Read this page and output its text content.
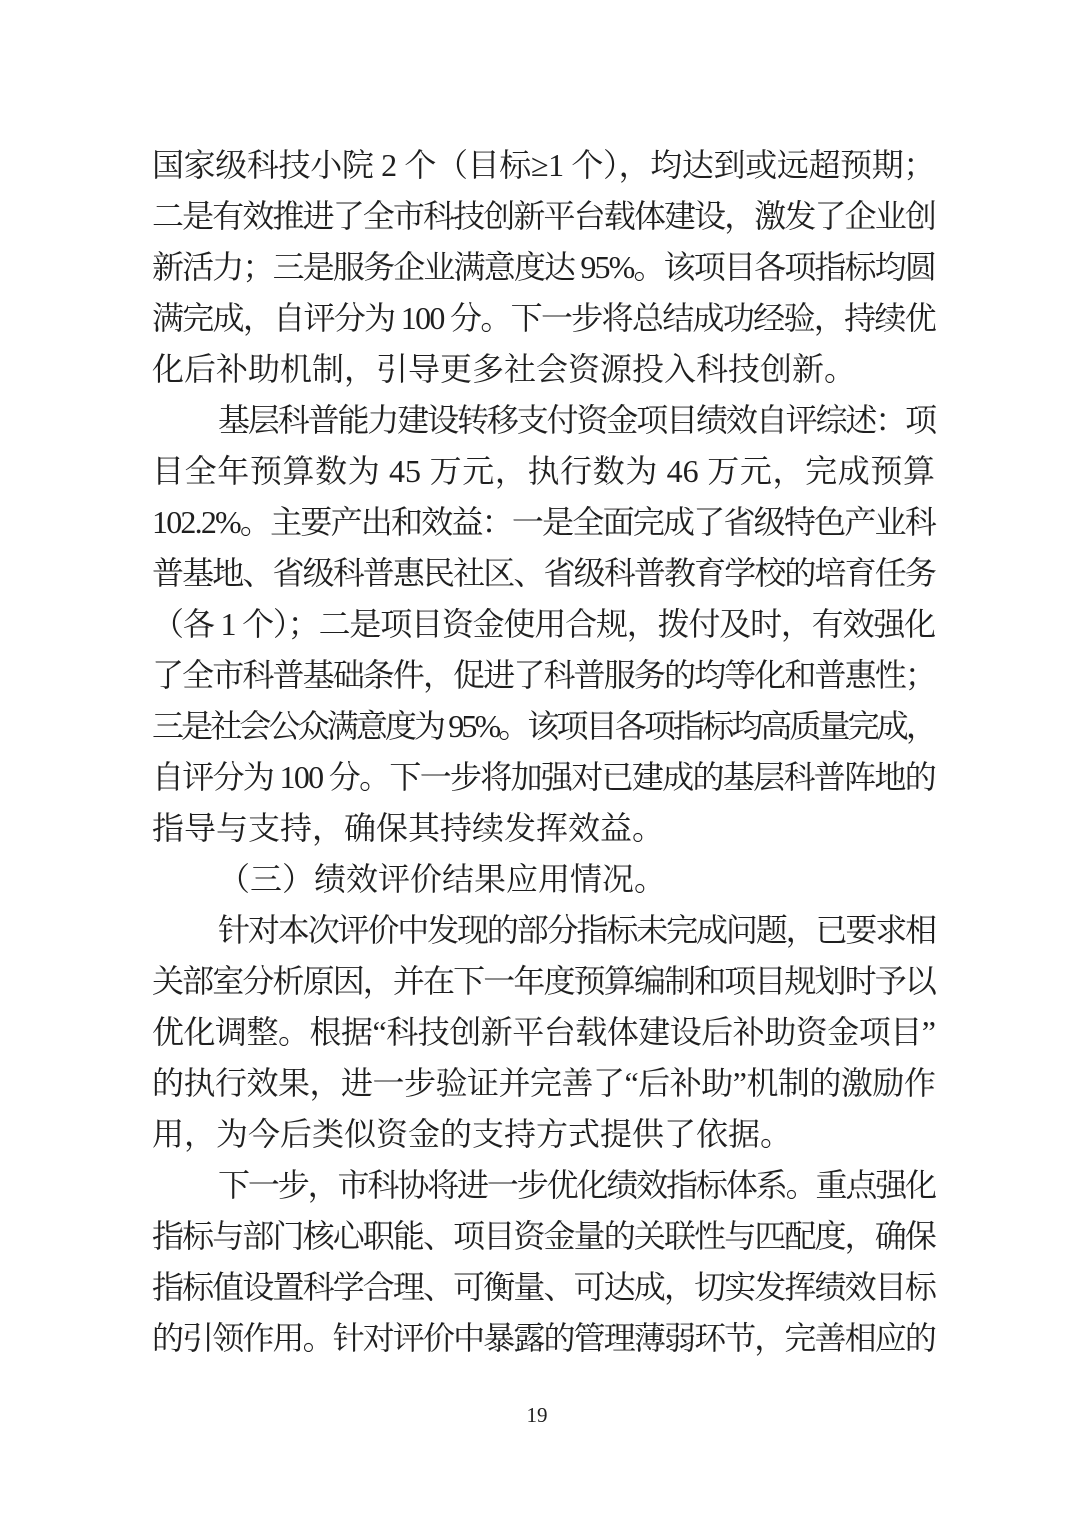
国家级科技小院 2 个（目标≥1 个），均达到或远超预期；
二是有效推进了全市科技创新平台载体建设，激发了企业创
新活力；三是服务企业满意度达 95%。该项目各项指标均圆
满完成，自评分为 100 分。下一步将总结成功经验，持续优
化后补助机制，引导更多社会资源投入科技创新。
基层科普能力建设转移支付资金项目绩效自评综述：项
目全年预算数为 45 万元，执行数为 46 万元，完成预算
102.2%。主要产出和效益：一是全面完成了省级特色产业科
普基地、省级科普惠民社区、省级科普教育学校的培育任务
（各 1 个）；二是项目资金使用合规，拨付及时，有效强化
了全市科普基础条件，促进了科普服务的均等化和普惠性；
三是社会公众满意度为 95%。该项目各项指标均高质量完成，
自评分为 100 分。下一步将加强对已建成的基层科普阵地的
指导与支持，确保其持续发挥效益。
（三）绩效评价结果应用情况。
针对本次评价中发现的部分指标未完成问题，已要求相
关部室分析原因，并在下一年度预算编制和项目规划时予以
优化调整。根据“科技创新平台载体建设后补助资金项目”
的执行效果，进一步验证并完善了“后补助”机制的激励作
用，为今后类似资金的支持方式提供了依据。
下一步，市科协将进一步优化绩效指标体系。重点强化
指标与部门核心职能、项目资金量的关联性与匹配度，确保
指标值设置科学合理、可衡量、可达成，切实发挥绩效目标
的引领作用。针对评价中暴露的管理薄弱环节，完善相应的
19
